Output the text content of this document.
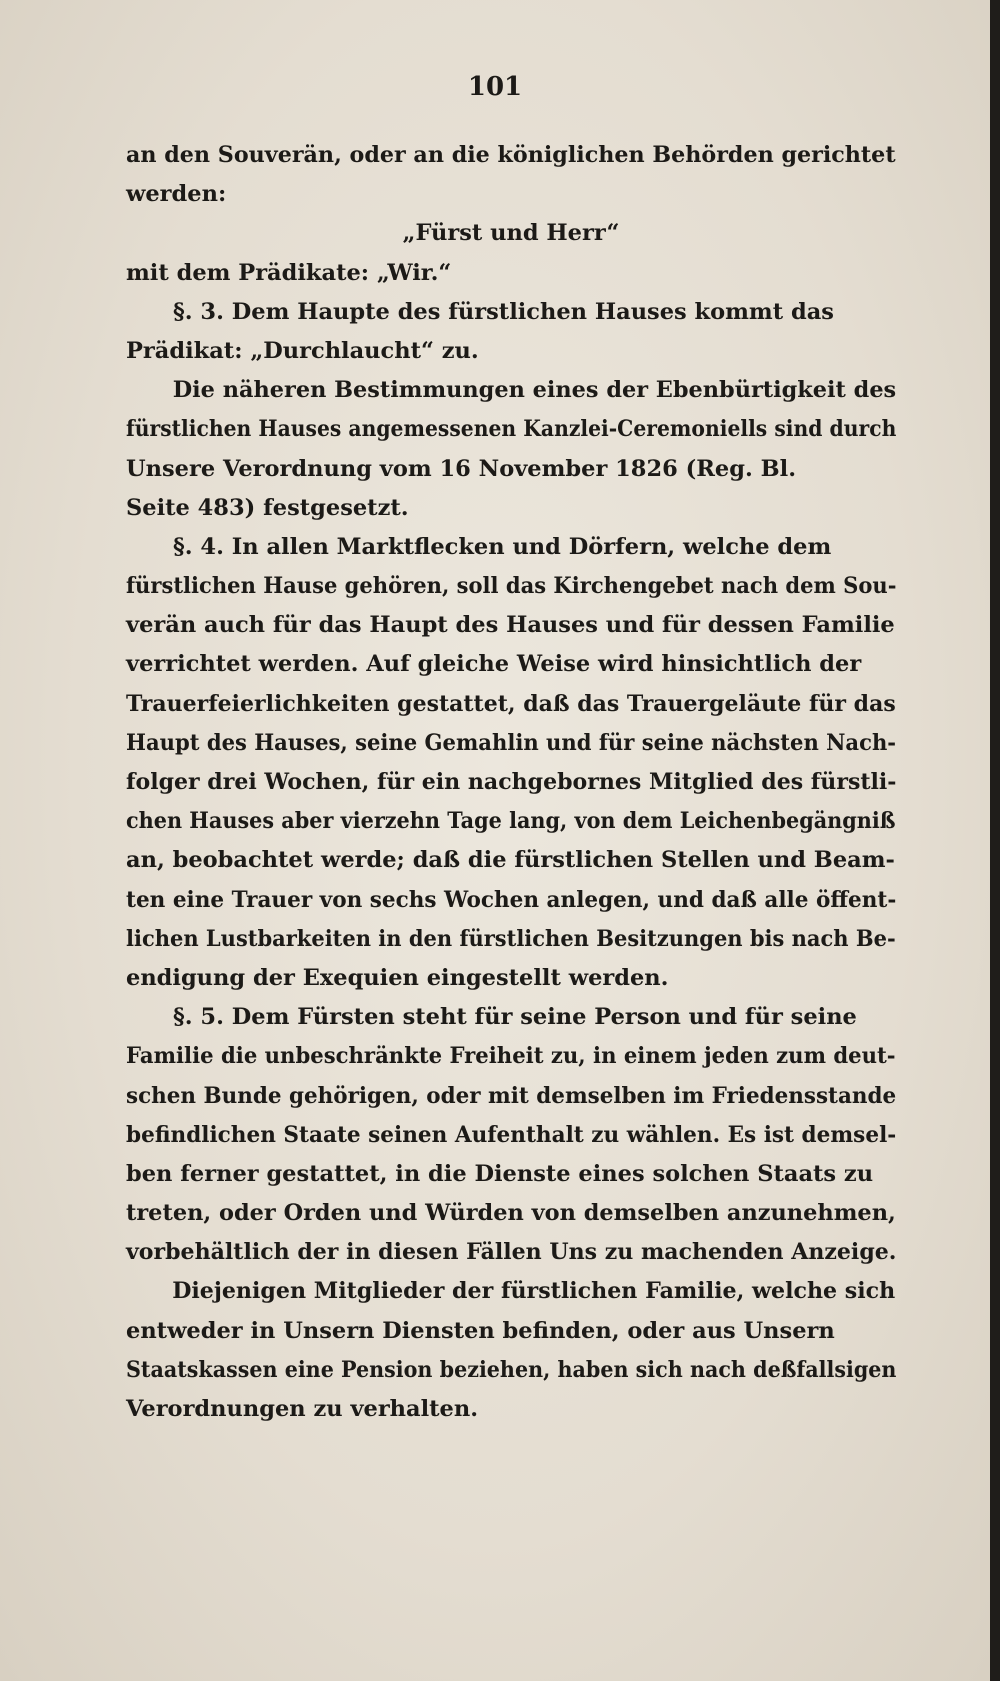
101
an den Souverän, oder an die königlichen Behörden gerichtet
werden:
„Fürst und Herr“
mit dem Prädikate: „Wir.“
§. 3. Dem Haupte des fürstlichen Hauses kommt das
Prädikat: „Durchlaucht“ zu.
Die näheren Bestimmungen eines der Ebenbürtigkeit des
fürstlichen Hauses angemessenen Kanzlei-Ceremoniells sind durch
Unsere Verordnung vom 16 November 1826 (Reg. Bl.
Seite 483) festgesetzt.
§. 4. In allen Marktflecken und Dörfern, welche dem
fürstlichen Hause gehören, soll das Kirchengebet nach dem Sou-
verän auch für das Haupt des Hauses und für dessen Familie
verrichtet werden. Auf gleiche Weise wird hinsichtlich der
Trauerfeierlichkeiten gestattet, daß das Trauergeläute für das
Haupt des Hauses, seine Gemahlin und für seine nächsten Nach-
folger drei Wochen, für ein nachgebornes Mitglied des fürstli-
chen Hauses aber vierzehn Tage lang, von dem Leichenbegängniß
an, beobachtet werde; daß die fürstlichen Stellen und Beam-
ten eine Trauer von sechs Wochen anlegen, und daß alle öffent-
lichen Lustbarkeiten in den fürstlichen Besitzungen bis nach Be-
endigung der Exequien eingestellt werden.
§. 5. Dem Fürsten steht für seine Person und für seine
Familie die unbeschränkte Freiheit zu, in einem jeden zum deut-
schen Bunde gehörigen, oder mit demselben im Friedensstande
befindlichen Staate seinen Aufenthalt zu wählen. Es ist demsel-
ben ferner gestattet, in die Dienste eines solchen Staats zu
treten, oder Orden und Würden von demselben anzunehmen,
vorbehältlich der in diesen Fällen Uns zu machenden Anzeige.
Diejenigen Mitglieder der fürstlichen Familie, welche sich
entweder in Unsern Diensten befinden, oder aus Unsern
Staatskassen eine Pension beziehen, haben sich nach deßfallsigen
Verordnungen zu verhalten.
